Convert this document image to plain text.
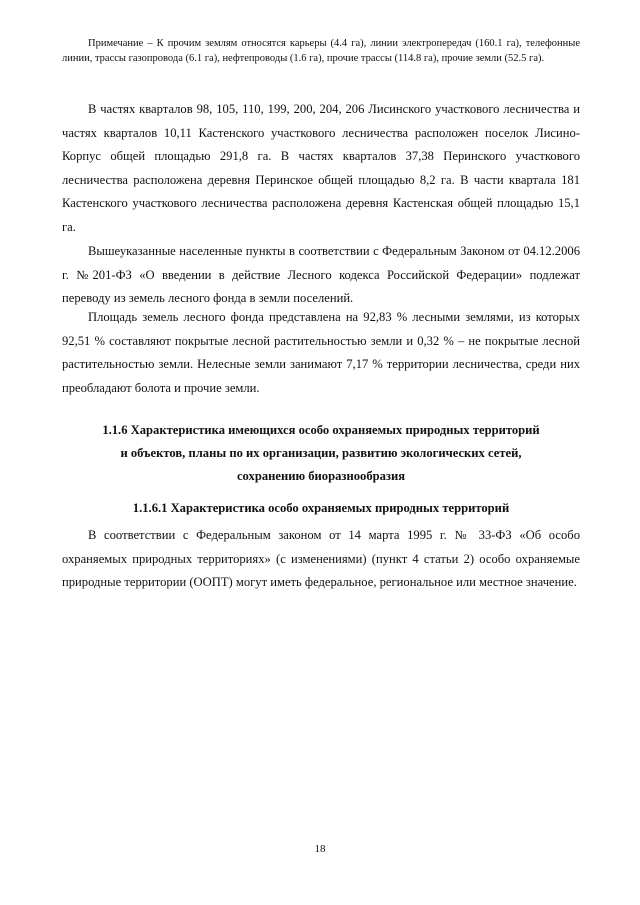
Примечание – К прочим землям относятся карьеры (4.4 га), линии электропередач (160.1 га), телефонные линии, трассы газопровода (6.1 га), нефтепроводы (1.6 га), прочие трассы (114.8 га), прочие земли (52.5 га).

В частях кварталов 98, 105, 110, 199, 200, 204, 206 Лисинского участкового лесничества и частях кварталов 10,11 Кастенского участкового лесничества расположен поселок Лисино-Корпус общей площадью 291,8 га. В частях кварталов 37,38 Перинского участкового лесничества расположена деревня Перинское общей площадью 8,2 га. В части квартала 181 Кастенского участкового лесничества расположена деревня Кастенская общей площадью 15,1 га.

Вышеуказанные населенные пункты в соответствии с Федеральным Законом от 04.12.2006 г. №201-ФЗ «О введении в действие Лесного кодекса Российской Федерации» подлежат переводу из земель лесного фонда в земли поселений.

Площадь земель лесного фонда представлена на 92,83 % лесными землями, из которых 92,51 % составляют покрытые лесной растительностью земли и 0,32 % – не покрытые лесной растительностью земли. Нелесные земли занимают 7,17 % территории лесничества, среди них преобладают болота и прочие земли.

1.1.6 Характеристика имеющихся особо охраняемых природных территорий

и объектов, планы по их организации, развитию экологических сетей,

сохранению биоразнообразия

1.1.6.1 Характеристика особо охраняемых природных территорий

В соответствии с Федеральным законом от 14 марта 1995 г. № 33-ФЗ «Об особо охраняемых природных территориях» (с изменениями) (пункт 4 статьи 2) особо охраняемые природные территории (ООПТ) могут иметь федеральное, региональное или местное значение.

18
